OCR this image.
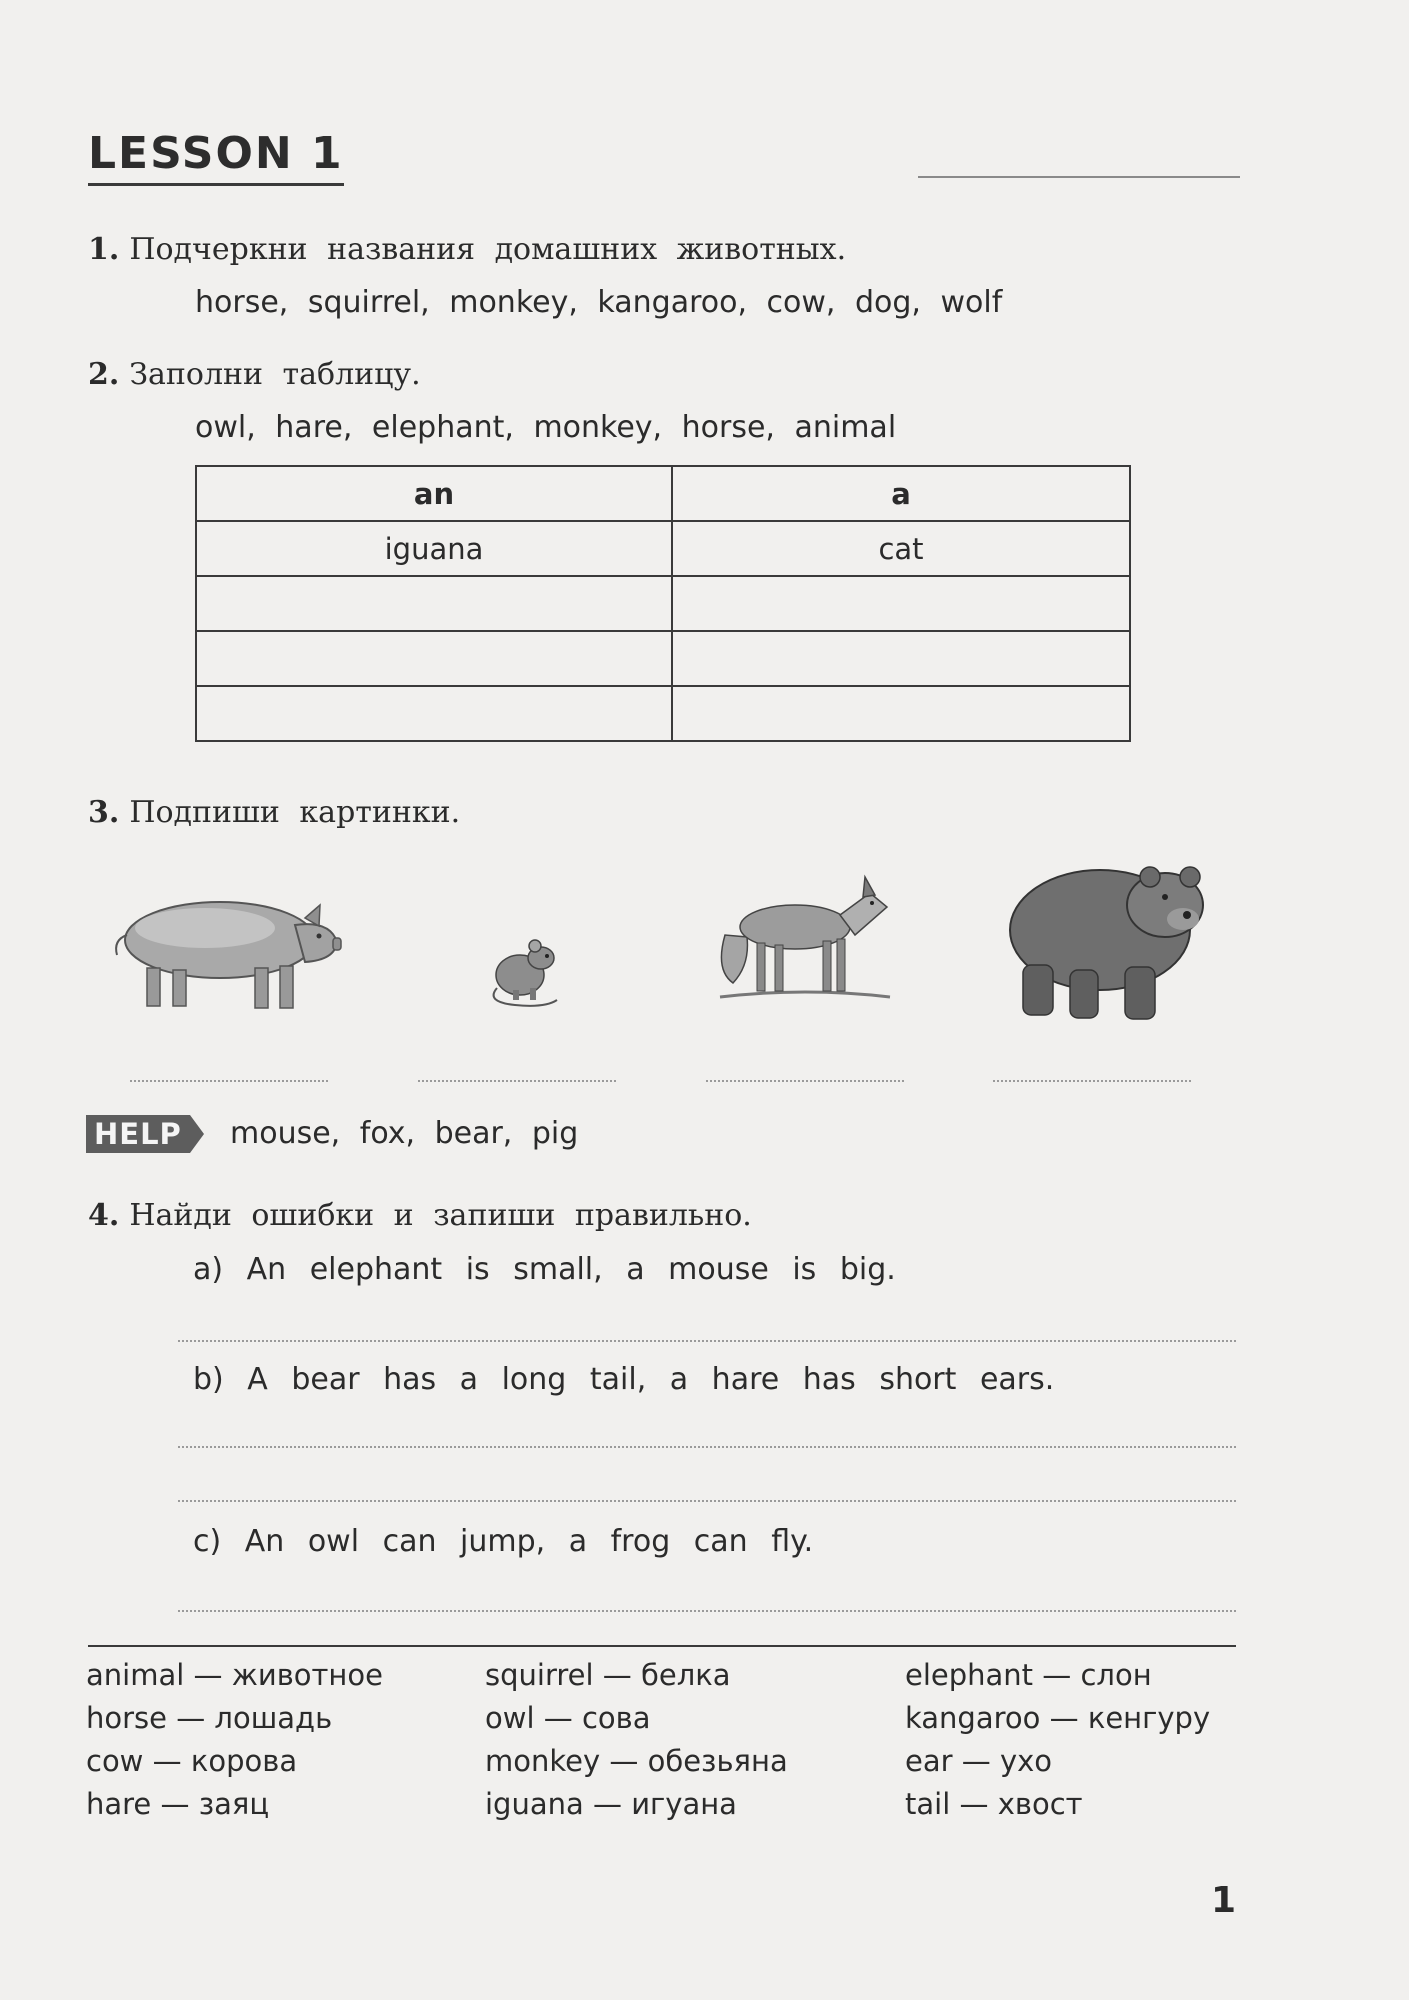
LESSON 1
1. Подчеркни названия домашних животных.
horse, squirrel, monkey, kangaroo, cow, dog, wolf
2. Заполни таблицу.
owl, hare, elephant, monkey, horse, animal
an	a
iguana	cat

3. Подпиши картинки.
HELP mouse, fox, bear, pig
4. Найди ошибки и запиши правильно.
a) An elephant is small, a mouse is big.
b) A bear has a long tail, a hare has short ears.
c) An owl can jump, a frog can fly.
animal — животное
horse — лошадь
cow — корова
hare — заяц
squirrel — белка
owl — сова
monkey — обезьяна
iguana — игуана
elephant — слон
kangaroo — кенгуру
ear — ухо
tail — хвост
1
